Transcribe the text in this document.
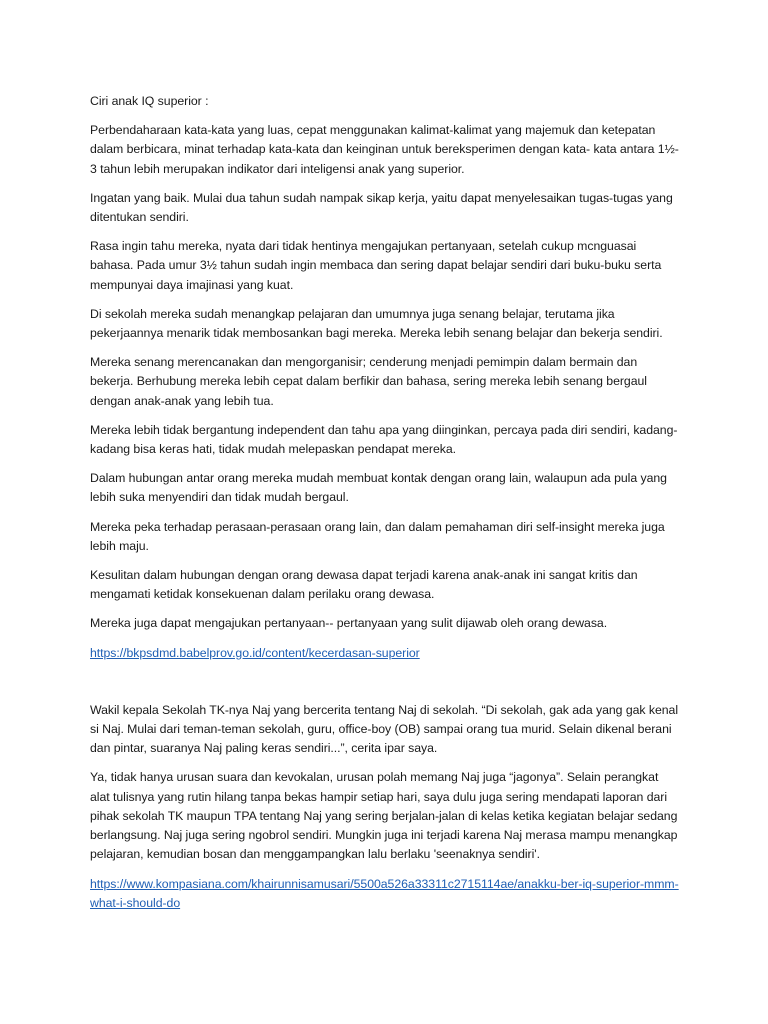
Ciri anak IQ superior :

Perbendaharaan kata-kata yang luas, cepat menggunakan kalimat-kalimat yang majemuk dan ketepatan dalam berbicara, minat terhadap kata-kata dan keinginan untuk bereksperimen dengan kata- kata antara 1½- 3 tahun lebih merupakan indikator dari inteligensi anak yang superior.

Ingatan yang baik. Mulai dua tahun sudah nampak sikap kerja, yaitu dapat menyelesaikan tugas-tugas yang ditentukan sendiri.

Rasa ingin tahu mereka, nyata dari tidak hentinya mengajukan pertanyaan, setelah cukup mcnguasai bahasa. Pada umur 3½ tahun sudah ingin membaca dan sering dapat belajar sendiri dari buku-buku serta mempunyai daya imajinasi yang kuat.

Di sekolah mereka sudah menangkap pelajaran dan umumnya juga senang belajar, terutama jika pekerjaannya menarik tidak membosankan bagi mereka. Mereka lebih senang belajar dan bekerja sendiri.

Mereka senang merencanakan dan mengorganisir; cenderung menjadi pemimpin dalam bermain dan bekerja. Berhubung mereka lebih cepat dalam berfikir dan bahasa, sering mereka lebih senang bergaul dengan anak-anak yang lebih tua.

Mereka lebih tidak bergantung independent dan tahu apa yang diinginkan, percaya pada diri sendiri, kadang-kadang bisa keras hati, tidak mudah melepaskan pendapat mereka.

Dalam hubungan antar orang mereka mudah membuat kontak dengan orang lain, walaupun ada pula yang lebih suka menyendiri dan tidak mudah bergaul.

Mereka peka terhadap perasaan-perasaan orang lain, dan dalam pemahaman diri self-insight mereka juga lebih maju.

Kesulitan dalam hubungan dengan orang dewasa dapat terjadi karena anak-anak ini sangat kritis dan mengamati ketidak konsekuenan dalam perilaku orang dewasa.

Mereka juga dapat mengajukan pertanyaan-- pertanyaan yang sulit dijawab oleh orang dewasa.

https://bkpsdmd.babelprov.go.id/content/kecerdasan-superior

Wakil kepala Sekolah TK-nya Naj yang bercerita tentang Naj di sekolah. “Di sekolah, gak ada yang gak kenal si Naj. Mulai dari teman-teman sekolah, guru, office-boy (OB) sampai orang tua murid. Selain dikenal berani dan pintar, suaranya Naj paling keras sendiri...”, cerita ipar saya.

Ya, tidak hanya urusan suara dan kevokalan, urusan polah memang Naj juga “jagonya”. Selain perangkat alat tulisnya yang rutin hilang tanpa bekas hampir setiap hari, saya dulu juga sering mendapati laporan dari pihak sekolah TK maupun TPA tentang Naj yang sering berjalan-jalan di kelas ketika kegiatan belajar sedang berlangsung. Naj juga sering ngobrol sendiri. Mungkin juga ini terjadi karena Naj merasa mampu menangkap pelajaran, kemudian bosan dan menggampangkan lalu berlaku 'seenaknya sendiri'.

https://www.kompasiana.com/khairunnisamusari/5500a526a33311c2715114ae/anakku-ber-iq-superior-mmm-what-i-should-do
